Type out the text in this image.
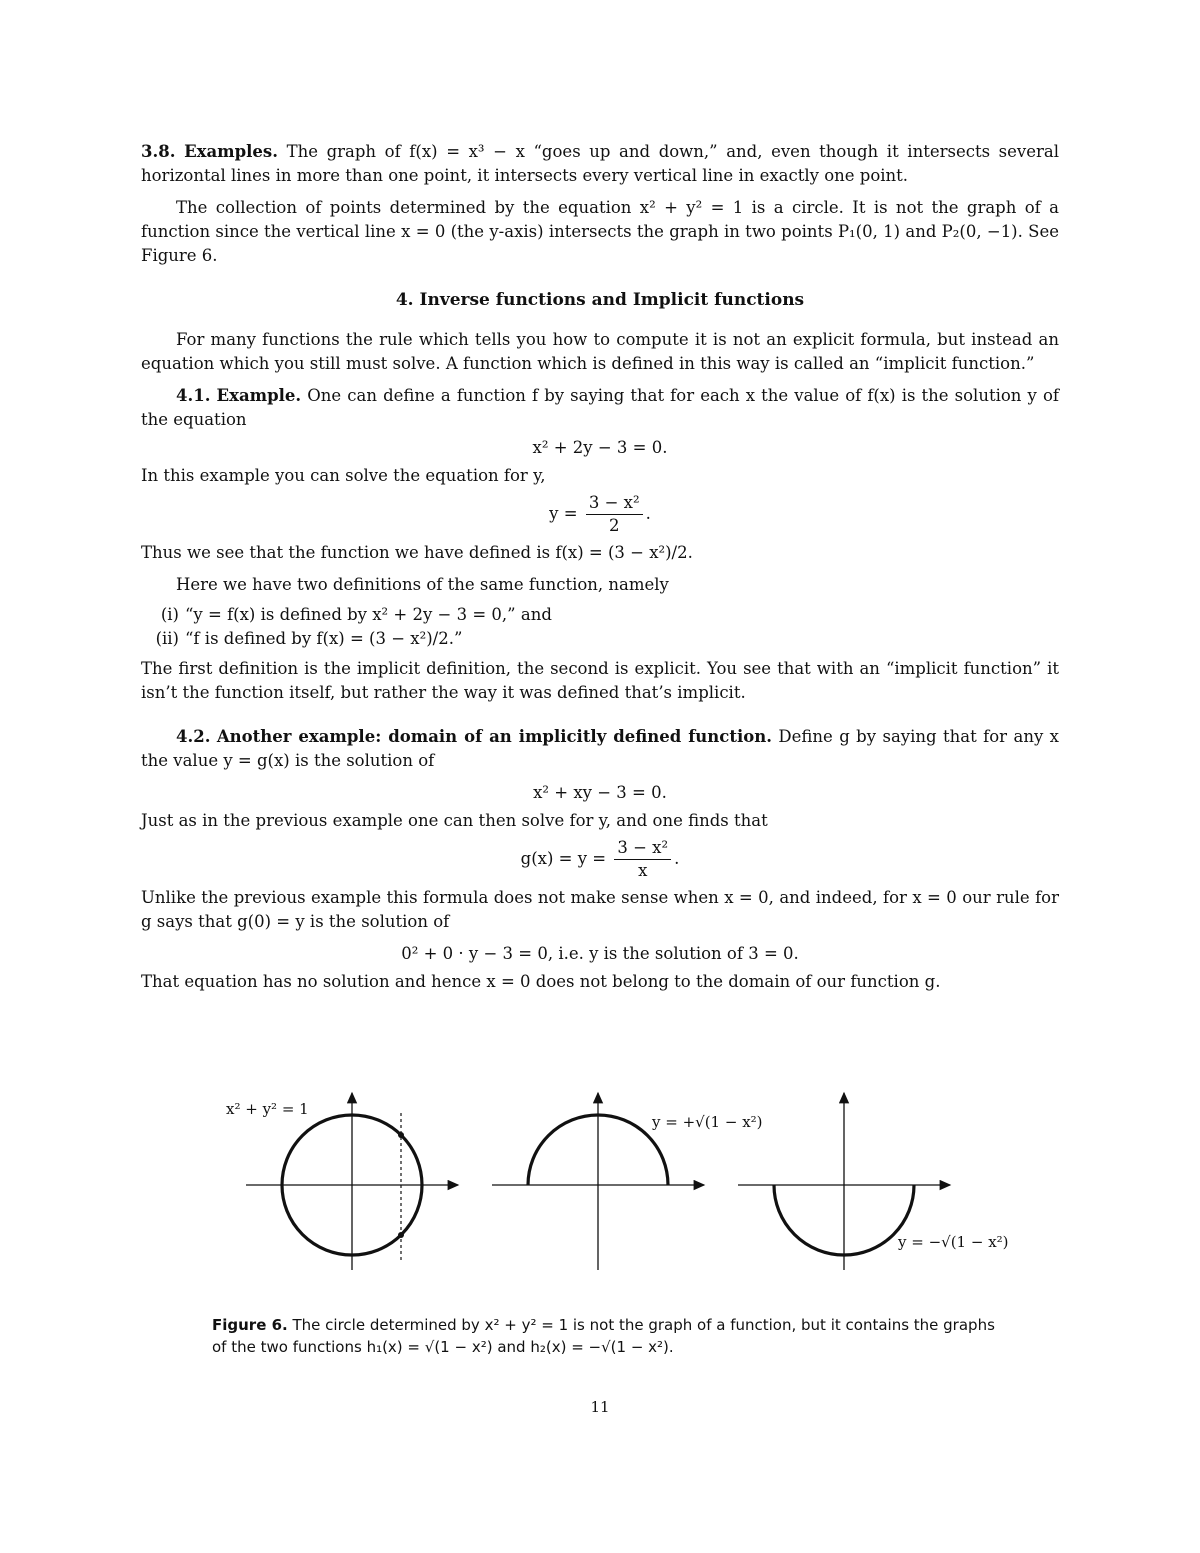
3.8. Examples. The graph of f(x) = x³ − x “goes up and down,” and, even though it intersects several horizontal lines in more than one point, it intersects every vertical line in exactly one point.

The collection of points determined by the equation x² + y² = 1 is a circle. It is not the graph of a function since the vertical line x = 0 (the y-axis) intersects the graph in two points P₁(0, 1) and P₂(0, −1). See Figure 6.

4. Inverse functions and Implicit functions

For many functions the rule which tells you how to compute it is not an explicit formula, but instead an equation which you still must solve. A function which is defined in this way is called an “implicit function.”

4.1. Example. One can define a function f by saying that for each x the value of f(x) is the solution y of the equation

x² + 2y − 3 = 0.

In this example you can solve the equation for y,

$y = \frac{\text{3 − x²}}{2}$ .

Thus we see that the function we have defined is f(x) = (3 − x²)/2.

Here we have two definitions of the same function, namely

(i) “y = f(x) is defined by x² + 2y − 3 = 0,” and
(ii) “f is defined by f(x) = (3 − x²)/2.”

The first definition is the implicit definition, the second is explicit. You see that with an “implicit function” it isn’t the function itself, but rather the way it was defined that’s implicit.

4.2. Another example: domain of an implicitly defined function. Define g by saying that for any x the value y = g(x) is the solution of

x² + xy − 3 = 0.

Just as in the previous example one can then solve for y, and one finds that

$g(x) = y = \frac{\text{3 − x²}}{x}$ .

Unlike the previous example this formula does not make sense when x = 0, and indeed, for x = 0 our rule for g says that g(0) = y is the solution of

0² + 0 · y − 3 = 0, i.e. y is the solution of 3 = 0.

That equation has no solution and hence x = 0 does not belong to the domain of our function g.

x² + y² = 1
y = +√(1 − x²)
y = −√(1 − x²)
Figure 6. The circle determined by x² + y² = 1 is not the graph of a function, but it contains the graphs of the two functions h₁(x) = √(1 − x²) and h₂(x) = −√(1 − x²).
11
